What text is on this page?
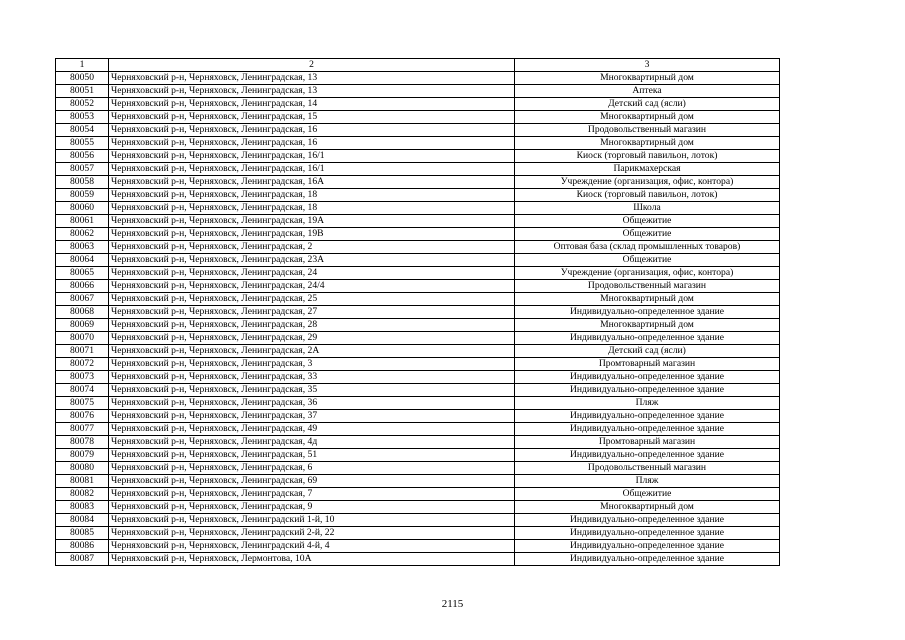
1	2	3
80050	Черняховский р-н, Черняховск, Ленинградская, 13	Многоквартирный дом
80051	Черняховский р-н, Черняховск, Ленинградская, 13	Аптека
80052	Черняховский р-н, Черняховск, Ленинградская, 14	Детский сад (ясли)
80053	Черняховский р-н, Черняховск, Ленинградская, 15	Многоквартирный дом
80054	Черняховский р-н, Черняховск, Ленинградская, 16	Продовольственный магазин
80055	Черняховский р-н, Черняховск, Ленинградская, 16	Многоквартирный дом
80056	Черняховский р-н, Черняховск, Ленинградская, 16/1	Киоск (торговый павильон, лоток)
80057	Черняховский р-н, Черняховск, Ленинградская, 16/1	Парикмахерская
80058	Черняховский р-н, Черняховск, Ленинградская, 16А	Учреждение (организация, офис, контора)
80059	Черняховский р-н, Черняховск, Ленинградская, 18	Киоск (торговый павильон, лоток)
80060	Черняховский р-н, Черняховск, Ленинградская, 18	Школа
80061	Черняховский р-н, Черняховск, Ленинградская, 19А	Общежитие
80062	Черняховский р-н, Черняховск, Ленинградская, 19В	Общежитие
80063	Черняховский р-н, Черняховск, Ленинградская, 2	Оптовая база (склад промышленных товаров)
80064	Черняховский р-н, Черняховск, Ленинградская, 23А	Общежитие
80065	Черняховский р-н, Черняховск, Ленинградская, 24	Учреждение (организация, офис, контора)
80066	Черняховский р-н, Черняховск, Ленинградская, 24/4	Продовольственный магазин
80067	Черняховский р-н, Черняховск, Ленинградская, 25	Многоквартирный дом
80068	Черняховский р-н, Черняховск, Ленинградская, 27	Индивидуально-определенное здание
80069	Черняховский р-н, Черняховск, Ленинградская, 28	Многоквартирный дом
80070	Черняховский р-н, Черняховск, Ленинградская, 29	Индивидуально-определенное здание
80071	Черняховский р-н, Черняховск, Ленинградская, 2А	Детский сад (ясли)
80072	Черняховский р-н, Черняховск, Ленинградская, 3	Промтоварный магазин
80073	Черняховский р-н, Черняховск, Ленинградская, 33	Индивидуально-определенное здание
80074	Черняховский р-н, Черняховск, Ленинградская, 35	Индивидуально-определенное здание
80075	Черняховский р-н, Черняховск, Ленинградская, 36	Пляж
80076	Черняховский р-н, Черняховск, Ленинградская, 37	Индивидуально-определенное здание
80077	Черняховский р-н, Черняховск, Ленинградская, 49	Индивидуально-определенное здание
80078	Черняховский р-н, Черняховск, Ленинградская, 4д	Промтоварный магазин
80079	Черняховский р-н, Черняховск, Ленинградская, 51	Индивидуально-определенное здание
80080	Черняховский р-н, Черняховск, Ленинградская, 6	Продовольственный магазин
80081	Черняховский р-н, Черняховск, Ленинградская, 69	Пляж
80082	Черняховский р-н, Черняховск, Ленинградская, 7	Общежитие
80083	Черняховский р-н, Черняховск, Ленинградская, 9	Многоквартирный дом
80084	Черняховский р-н, Черняховск, Ленинградский 1-й, 10	Индивидуально-определенное здание
80085	Черняховский р-н, Черняховск, Ленинградский 2-й, 22	Индивидуально-определенное здание
80086	Черняховский р-н, Черняховск, Ленинградский 4-й, 4	Индивидуально-определенное здание
80087	Черняховский р-н, Черняховск, Лермонтова, 10А	Индивидуально-определенное здание
2115
